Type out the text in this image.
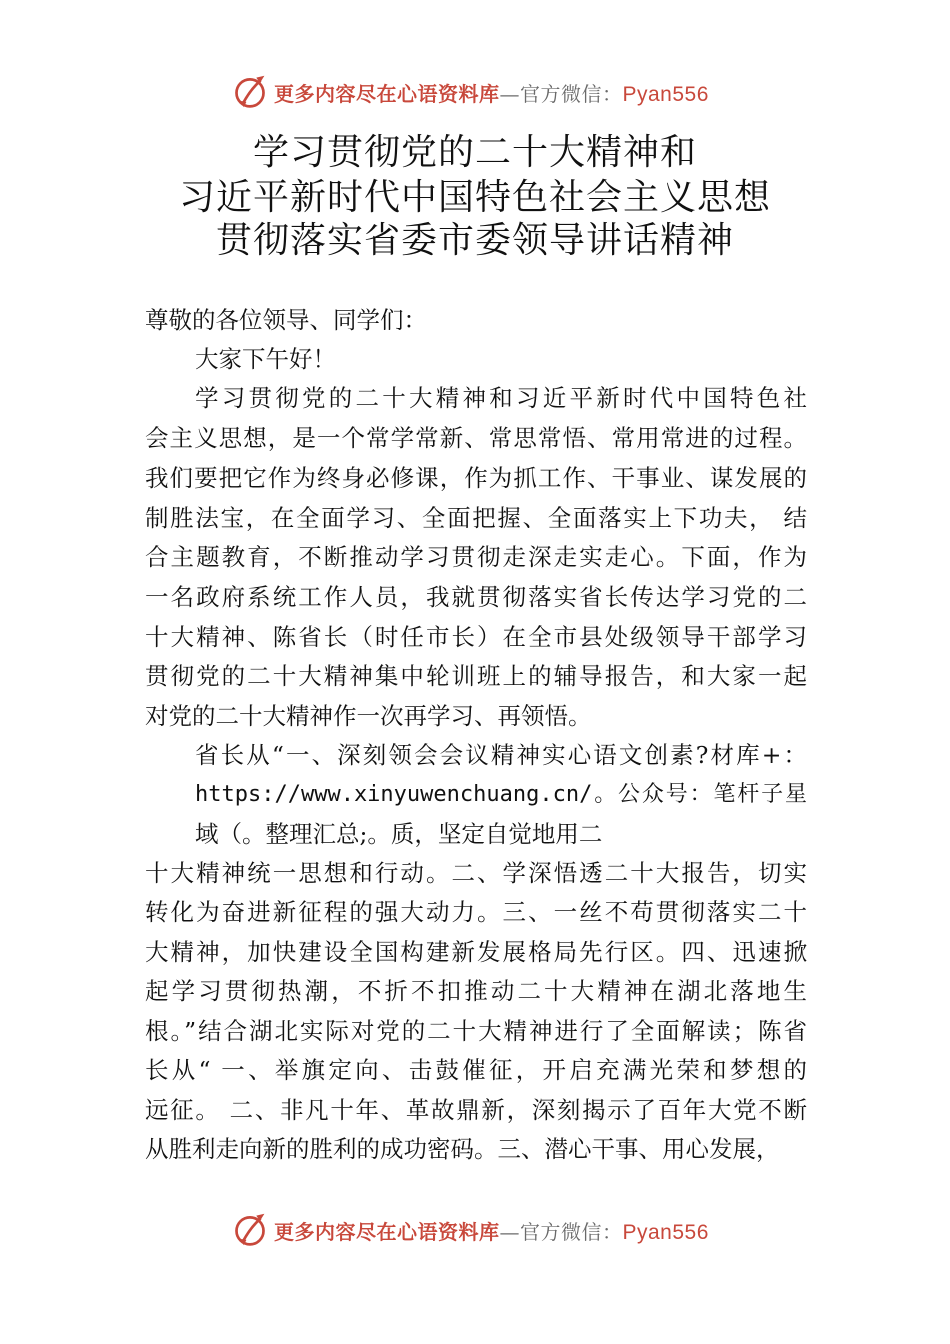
更多内容尽在心语资料库—官方微信：Pyan556
学习贯彻党的二十大精神和
习近平新时代中国特色社会主义思想
贯彻落实省委市委领导讲话精神
尊敬的各位领导、同学们：
大家下午好！
学习贯彻党的二十大精神和习近平新时代中国特色社
会主义思想，是一个常学常新、常思常悟、常用常进的过程。
我们要把它作为终身必修课，作为抓工作、干事业、谋发展的
制胜法宝，在全面学习、全面把握、全面落实上下功夫， 结
合主题教育，不断推动学习贯彻走深走实走心。下面，作为
一名政府系统工作人员，我就贯彻落实省长传达学习党的二
十大精神、陈省长（时任市长）在全市县处级领导干部学习
贯彻党的二十大精神集中轮训班上的辅导报告，和大家一起
对党的二十大精神作一次再学习、再领悟。
省长从“一、深刻领会会议精神实心语文创素?材库+：
https://www.xinyuwenchuang.cn/。公众号：笔杆子星
域（。整理汇总;。质，坚定自觉地用二
十大精神统一思想和行动。二、学深悟透二十大报告，切实
转化为奋进新征程的强大动力。三、一丝不苟贯彻落实二十
大精神，加快建设全国构建新发展格局先行区。四、迅速掀
起学习贯彻热潮，不折不扣推动二十大精神在湖北落地生
根。”结合湖北实际对党的二十大精神进行了全面解读；陈省
长从“ 一、举旗定向、击鼓催征，开启充满光荣和梦想的
远征。 二、非凡十年、革故鼎新，深刻揭示了百年大党不断
从胜利走向新的胜利的成功密码。三、潜心干事、用心发展，
更多内容尽在心语资料库—官方微信：Pyan556
